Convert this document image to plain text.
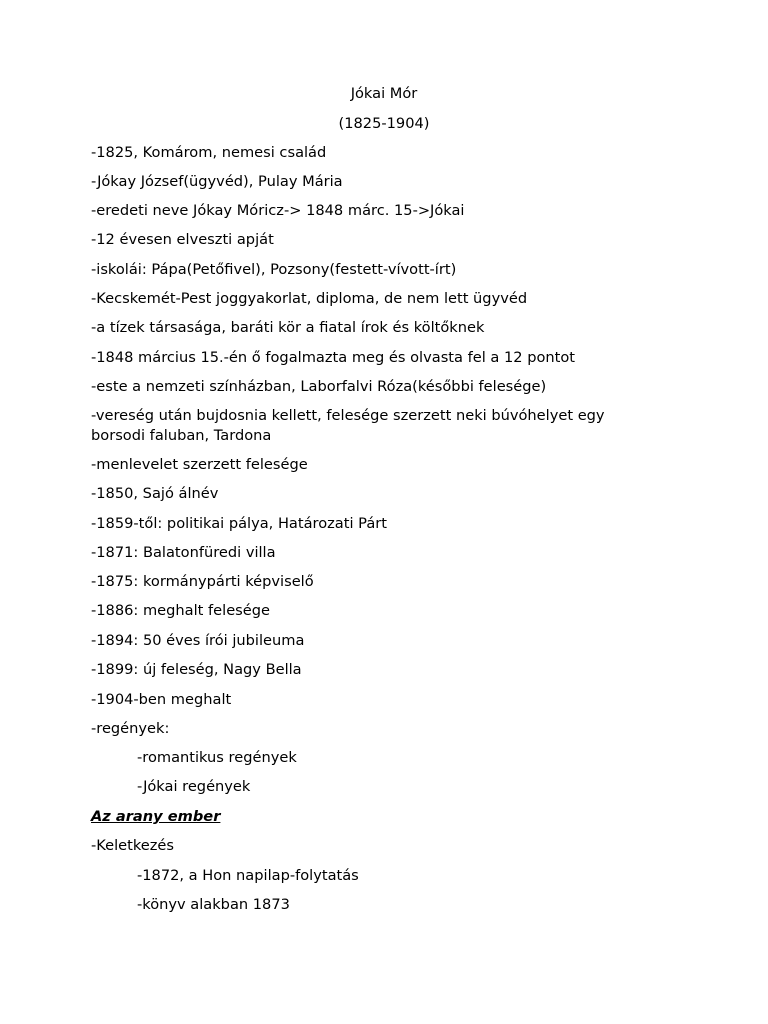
Jókai Mór
(1825-1904)
-1825, Komárom, nemesi család
-Jókay József(ügyvéd), Pulay Mária
-eredeti neve Jókay Móricz-> 1848 márc. 15->Jókai
-12 évesen elveszti apját
-iskolái: Pápa(Petőfivel), Pozsony(festett-vívott-írt)
-Kecskemét-Pest joggyakorlat, diploma, de nem lett ügyvéd
-a tízek társasága, baráti kör a fiatal írok és költőknek
-1848 március 15.-én ő fogalmazta meg és olvasta fel a 12 pontot
-este a nemzeti színházban, Laborfalvi Róza(későbbi felesége)
-vereség után bujdosnia kellett, felesége szerzett neki búvóhelyet egy borsodi faluban, Tardona
-menlevelet szerzett felesége
-1850, Sajó álnév
-1859-től: politikai pálya, Határozati Párt
-1871: Balatonfüredi villa
-1875: kormánypárti képviselő
-1886: meghalt felesége
-1894: 50 éves írói jubileuma
-1899: új feleség, Nagy Bella
-1904-ben meghalt
-regények:
-romantikus regények
-Jókai regények
Az arany ember
-Keletkezés
-1872, a Hon napilap-folytatás
-könyv alakban 1873
